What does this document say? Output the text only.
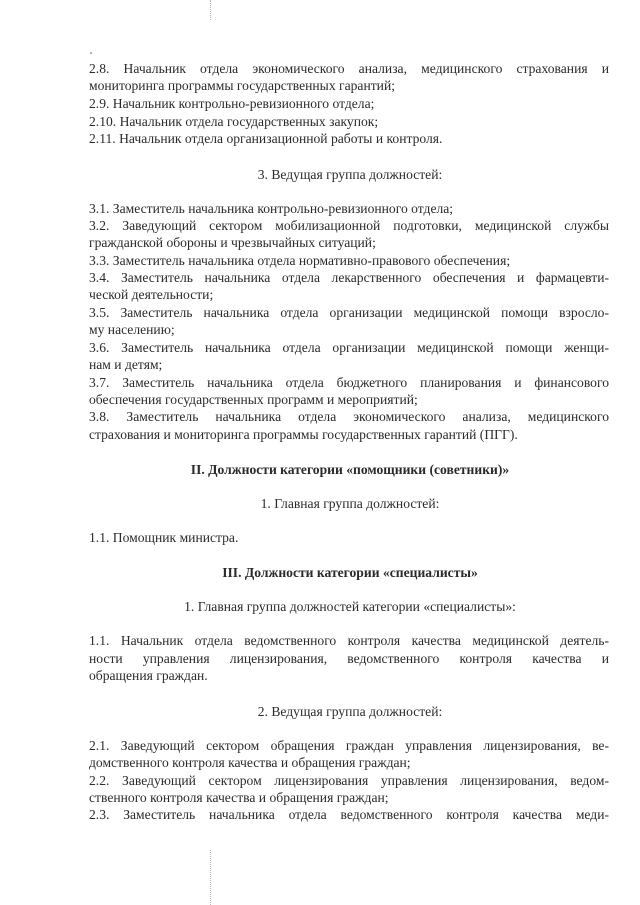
2.8. Начальник отдела экономического анализа, медицинского страхования и
мониторинга программы государственных гарантий;
2.9. Начальник контрольно-ревизионного отдела;
2.10. Начальник отдела государственных закупок;
2.11. Начальник отдела организационной работы и контроля.
3. Ведущая группа должностей:
3.1. Заместитель начальника контрольно-ревизионного отдела;
3.2. Заведующий сектором мобилизационной подготовки, медицинской службы
гражданской обороны и чрезвычайных ситуаций;
3.3. Заместитель начальника отдела нормативно-правового обеспечения;
3.4. Заместитель начальника отдела лекарственного обеспечения и фармацевти-
ческой деятельности;
3.5. Заместитель начальника отдела организации медицинской помощи взросло-
му населению;
3.6. Заместитель начальника отдела организации медицинской помощи женщи-
нам и детям;
3.7. Заместитель начальника отдела бюджетного планирования и финансового
обеспечения государственных программ и мероприятий;
3.8. Заместитель начальника отдела экономического анализа, медицинского
страхования и мониторинга программы государственных гарантий (ПГГ).
II. Должности категории «помощники (советники)»
1. Главная группа должностей:
1.1. Помощник министра.
III. Должности категории «специалисты»
1. Главная группа должностей категории «специалисты»:
1.1. Начальник отдела ведомственного контроля качества медицинской деятель-
ности управления лицензирования, ведомственного контроля качества и
обращения граждан.
2. Ведущая группа должностей:
2.1. Заведующий сектором обращения граждан управления лицензирования, ве-
домственного контроля качества и обращения граждан;
2.2. Заведующий сектором лицензирования управления лицензирования, ведом-
ственного контроля качества и обращения граждан;
2.3. Заместитель начальника отдела ведомственного контроля качества меди-
